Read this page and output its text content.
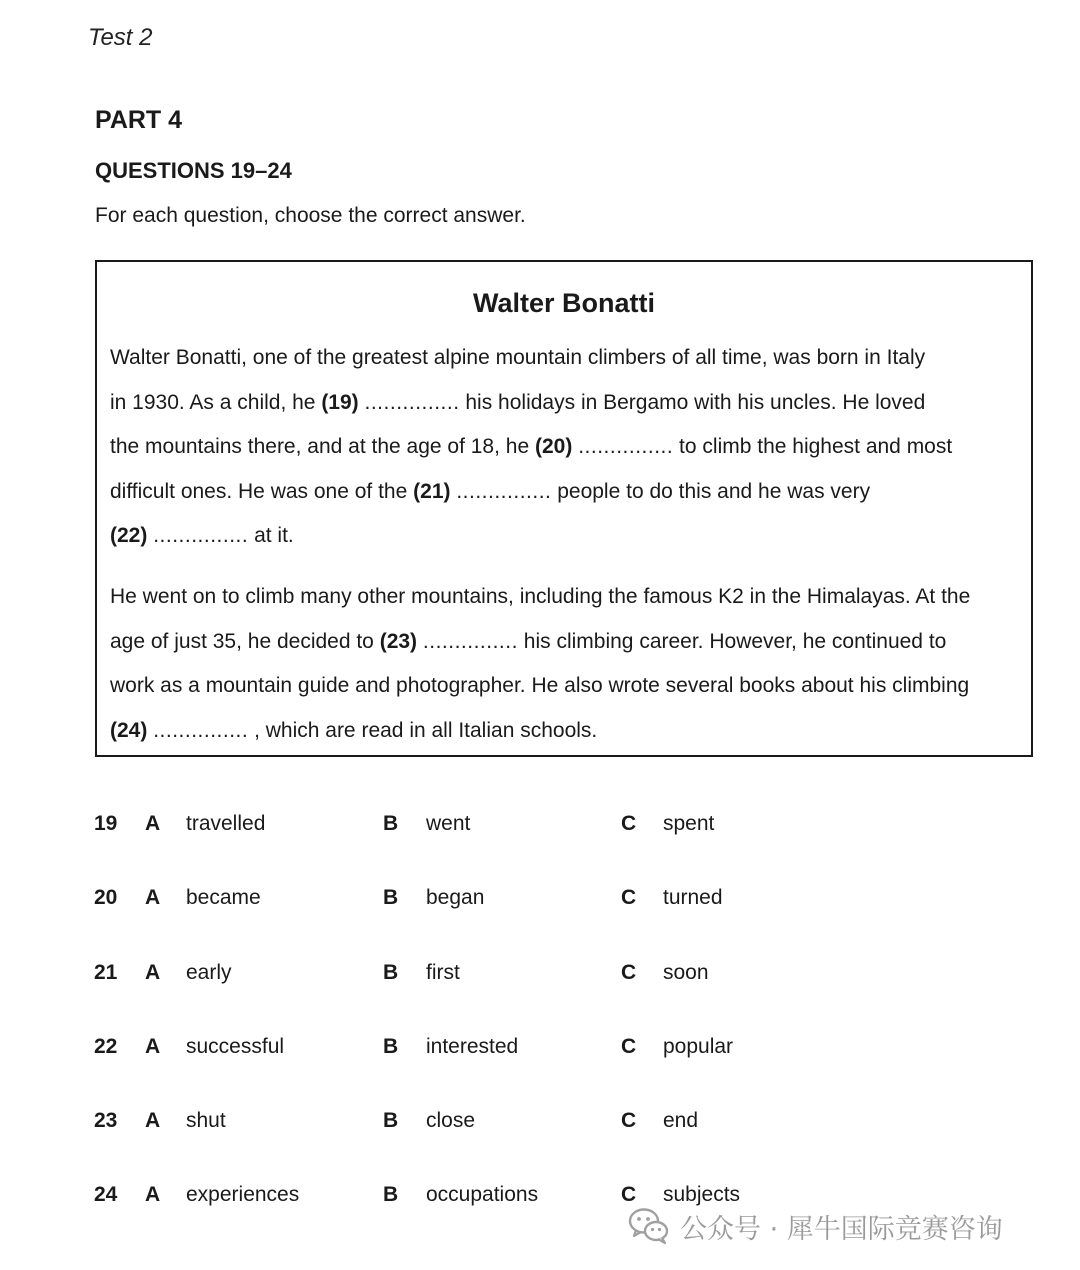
Test 2
PART 4
QUESTIONS 19–24
For each question, choose the correct answer.
Walter Bonatti
Walter Bonatti, one of the greatest alpine mountain climbers of all time, was born in Italy
in 1930. As a child, he (19) ............... his holidays in Bergamo with his uncles. He loved
the mountains there, and at the age of 18, he (20) ............... to climb the highest and most
difficult ones. He was one of the (21) ............... people to do this and he was very
(22) ............... at it.
He went on to climb many other mountains, including the famous K2 in the Himalayas. At the
age of just 35, he decided to (23) ............... his climbing career. However, he continued to
work as a mountain guide and photographer. He also wrote several books about his climbing
(24) ............... , which are read in all Italian schools.
19 A travelled	B went	C spent
20 A became	B began	C turned
21 A early	B first	C soon
22 A successful	B interested	C popular
23 A shut	B close	C end
24 A experiences	B occupations	C subjects
公众号 · 犀牛国际竞赛咨询
